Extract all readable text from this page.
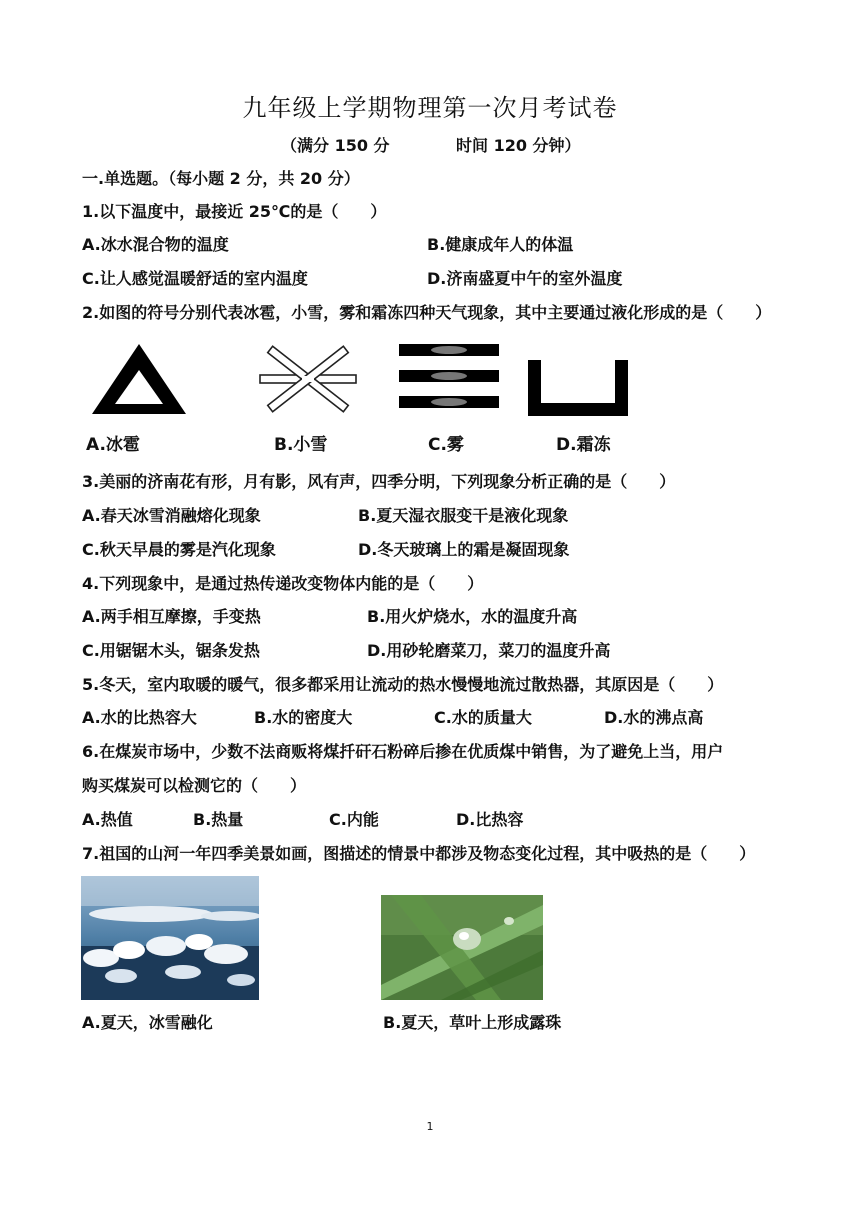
九年级上学期物理第一次月考试卷
（满分 150 分	时间 120 分钟）
一.单选题。（每小题 2 分，共 20 分）
1.以下温度中，最接近 25℃的是（　　）
A.冰水混合物的温度	B.健康成年人的体温
C.让人感觉温暖舒适的室内温度	D.济南盛夏中午的室外温度
2.如图的符号分别代表冰雹，小雪，雾和霜冻四种天气现象，其中主要通过液化形成的是（　　）
A.冰雹	B.小雪	C.雾	D.霜冻
3.美丽的济南花有形，月有影，风有声，四季分明，下列现象分析正确的是（　　）
A.春天冰雪消融熔化现象	B.夏天湿衣服变干是液化现象
C.秋天早晨的雾是汽化现象	D.冬天玻璃上的霜是凝固现象
4.下列现象中，是通过热传递改变物体内能的是（　　）
A.两手相互摩擦，手变热	B.用火炉烧水，水的温度升高
C.用锯锯木头，锯条发热	D.用砂轮磨菜刀，菜刀的温度升高
5.冬天，室内取暖的暖气，很多都采用让流动的热水慢慢地流过散热器，其原因是（　　）
A.水的比热容大	B.水的密度大	C.水的质量大	D.水的沸点高
6.在煤炭市场中，少数不法商贩将煤扦矸石粉碎后掺在优质煤中销售，为了避免上当，用户
购买煤炭可以检测它的（　　）
A.热值	B.热量	C.内能	D.比热容
7.祖国的山河一年四季美景如画，图描述的情景中都涉及物态变化过程，其中吸热的是（　　）
A.夏天，冰雪融化	B.夏天，草叶上形成露珠
1
